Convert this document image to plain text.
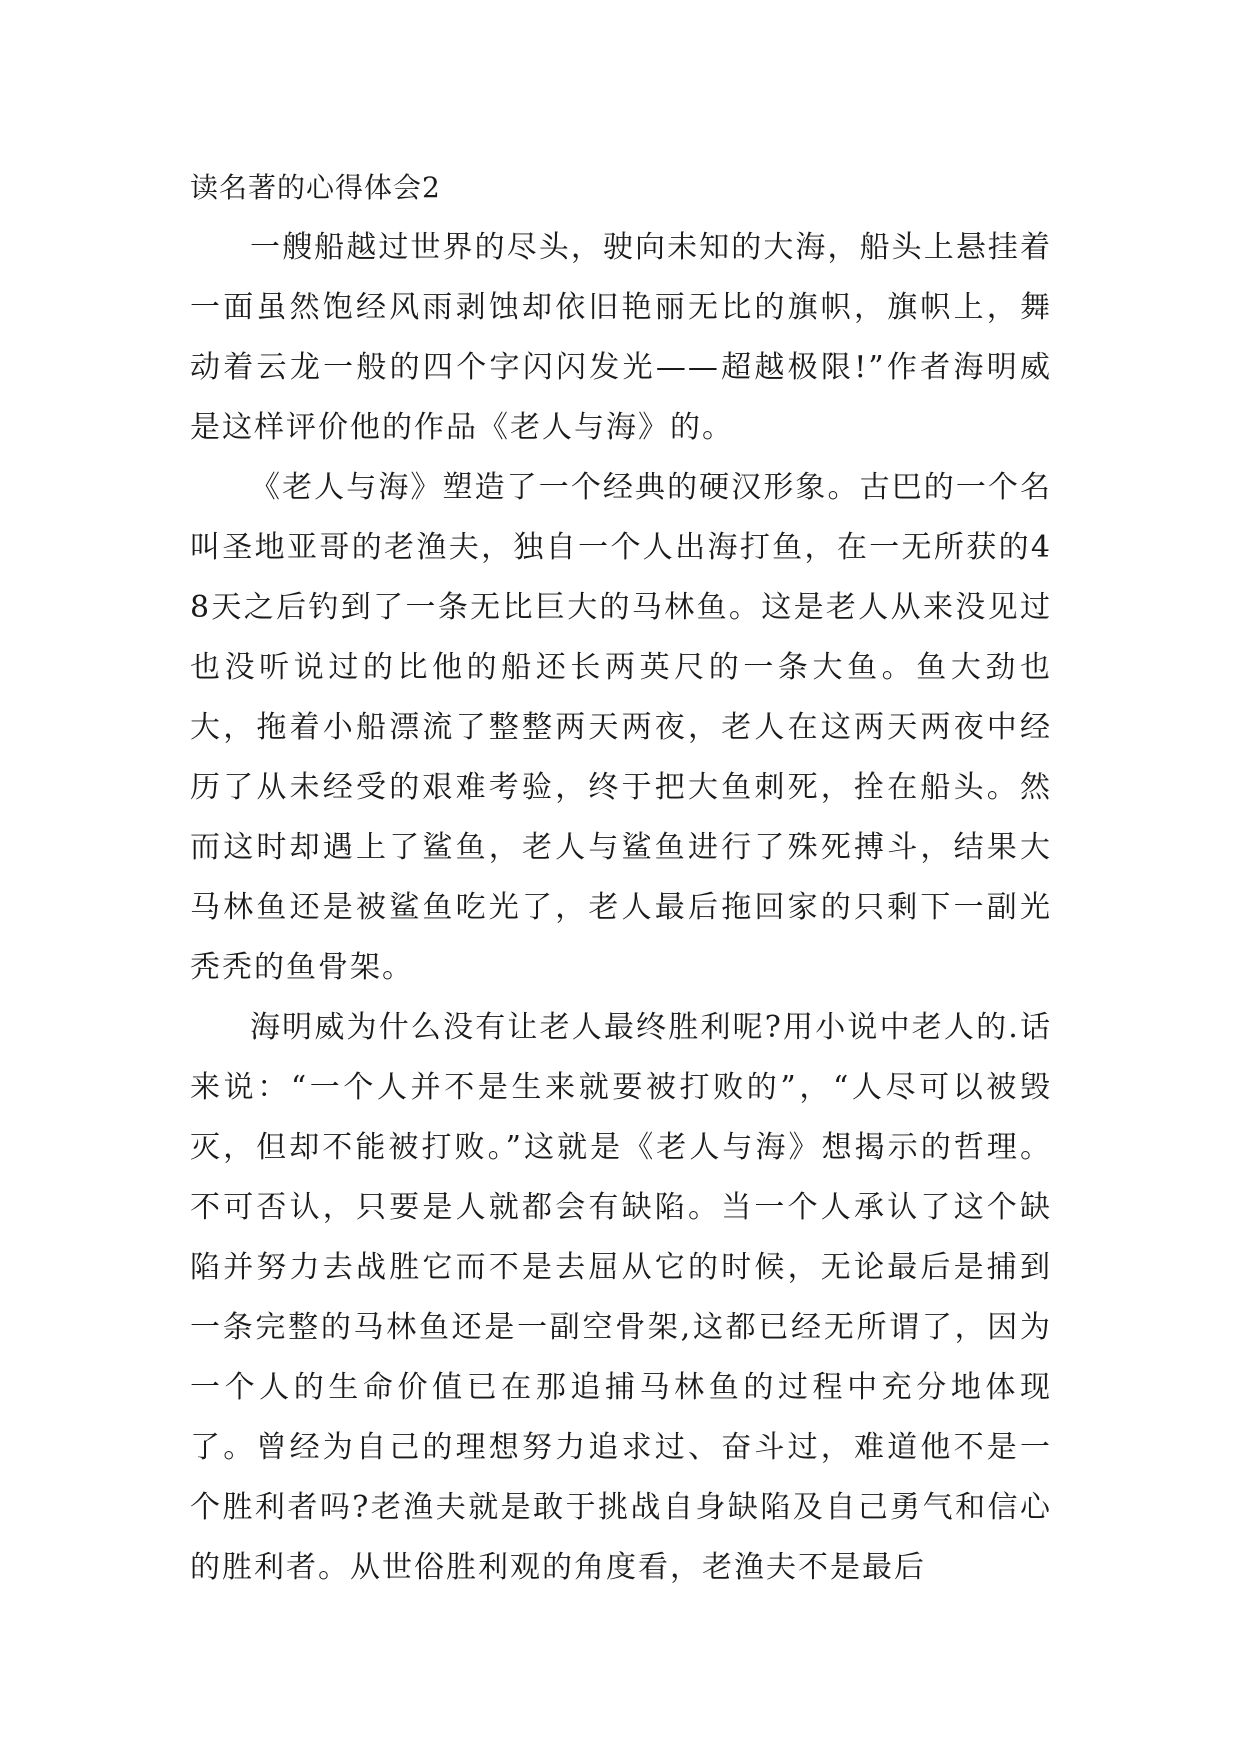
读名著的心得体会2

一艘船越过世界的尽头，驶向未知的大海，船头上悬挂着一面虽然饱经风雨剥蚀却依旧艳丽无比的旗帜，旗帜上，舞动着云龙一般的四个字闪闪发光——超越极限!”作者海明威是这样评价他的作品《老人与海》的。

《老人与海》塑造了一个经典的硬汉形象。古巴的一个名叫圣地亚哥的老渔夫，独自一个人出海打鱼，在一无所获的48天之后钓到了一条无比巨大的马林鱼。这是老人从来没见过也没听说过的比他的船还长两英尺的一条大鱼。鱼大劲也大，拖着小船漂流了整整两天两夜，老人在这两天两夜中经历了从未经受的艰难考验，终于把大鱼刺死，拴在船头。然而这时却遇上了鲨鱼，老人与鲨鱼进行了殊死搏斗，结果大马林鱼还是被鲨鱼吃光了，老人最后拖回家的只剩下一副光秃秃的鱼骨架。

海明威为什么没有让老人最终胜利呢?用小说中老人的.话来说：“一个人并不是生来就要被打败的”，“人尽可以被毁灭，但却不能被打败。”这就是《老人与海》想揭示的哲理。不可否认，只要是人就都会有缺陷。当一个人承认了这个缺陷并努力去战胜它而不是去屈从它的时候，无论最后是捕到一条完整的马林鱼还是一副空骨架,这都已经无所谓了，因为一个人的生命价值已在那追捕马林鱼的过程中充分地体现了。曾经为自己的理想努力追求过、奋斗过，难道他不是一个胜利者吗?老渔夫就是敢于挑战自身缺陷及自己勇气和信心的胜利者。从世俗胜利观的角度看，老渔夫不是最后
